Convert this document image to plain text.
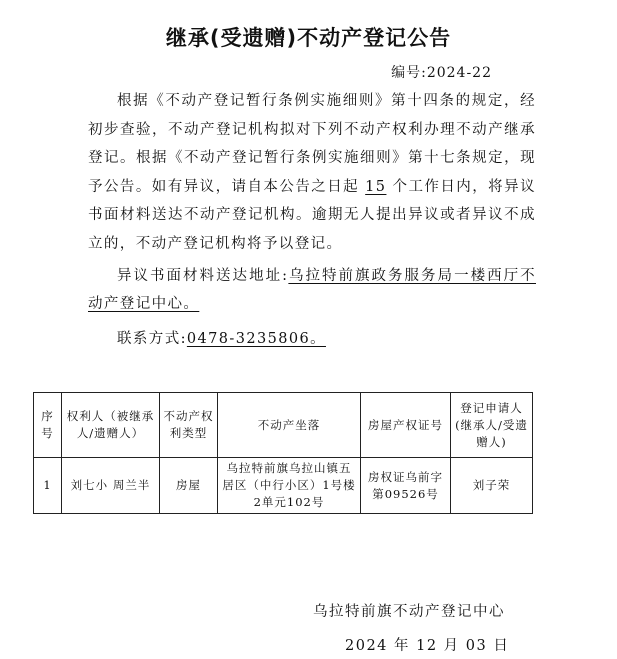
继承(受遗赠)不动产登记公告
编号:2024-22

根据《不动产登记暂行条例实施细则》第十四条的规定，经初步查验，不动产登记机构拟对下列不动产权利办理不动产继承登记。根据《不动产登记暂行条例实施细则》第十七条规定，现予公告。如有异议，请自本公告之日起 15 个工作日内，将异议书面材料送达不动产登记机构。逾期无人提出异议或者异议不成立的，不动产登记机构将予以登记。

异议书面材料送达地址:乌拉特前旗政务服务局一楼西厅不动产登记中心。

联系方式:0478-3235806。

序号	权利人（被继承人/遗赠人）	不动产权利类型	不动产坐落	房屋产权证号	登记申请人(继承人/受遗赠人)
1	刘七小 周兰半	房屋	乌拉特前旗乌拉山镇五居区（中行小区）1号楼2单元102号	房权证乌前字第09526号	刘子荣
乌拉特前旗不动产登记中心
2024 年 12 月 03 日
